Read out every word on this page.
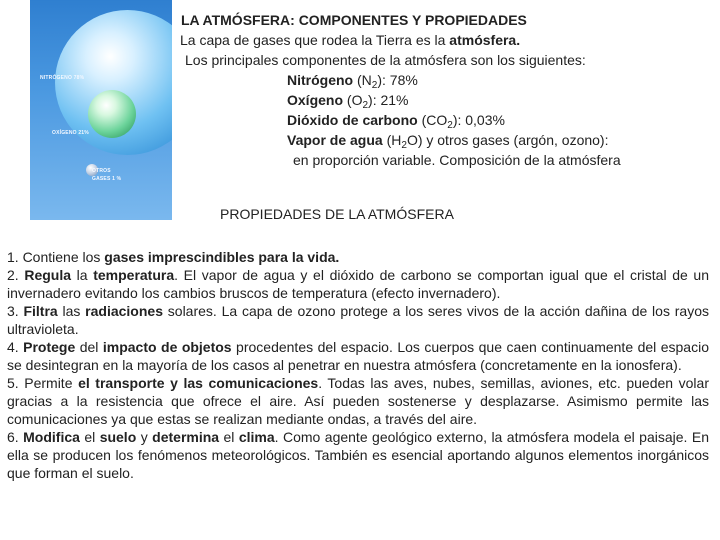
NITRÓGENO 78%
OXÍGENO 21%
OTROS
GASES 1 %
LA ATMÓSFERA: COMPONENTES Y PROPIEDADES
La capa de gases que rodea la Tierra es la atmósfera.
Los principales componentes de la atmósfera son los siguientes:
Nitrógeno $(N_2)$: 78%
Oxígeno $(O_2)$: 21%
Dióxido de carbono $(CO_2)$: 0,03%
Vapor de agua $(H_2O)$ y otros gases (argón, ozono):
en proporción variable. Composición de la atmósfera
PROPIEDADES DE LA ATMÓSFERA

1. Contiene los gases imprescindibles para la vida.

2. Regula la temperatura. El vapor de agua y el dióxido de carbono se comportan igual que el cristal de un invernadero evitando los cambios bruscos de temperatura (efecto invernadero).

3. Filtra las radiaciones solares. La capa de ozono protege a los seres vivos de la acción dañina de los rayos ultravioleta.

4. Protege del impacto de objetos procedentes del espacio. Los cuerpos que caen continuamente del espacio se desintegran en la mayoría de los casos al penetrar en nuestra atmósfera (concretamente en la ionosfera).

5. Permite el transporte y las comunicaciones. Todas las aves, nubes, semillas, aviones, etc. pueden volar gracias a la resistencia que ofrece el aire. Así pueden sostenerse y desplazarse. Asimismo permite las comunicaciones ya que estas se realizan mediante ondas, a través del aire.

6. Modifica el suelo y determina el clima. Como agente geológico externo, la atmósfera modela el paisaje. En ella se producen los fenómenos meteorológicos. También es esencial aportando algunos elementos inorgánicos que forman el suelo.
